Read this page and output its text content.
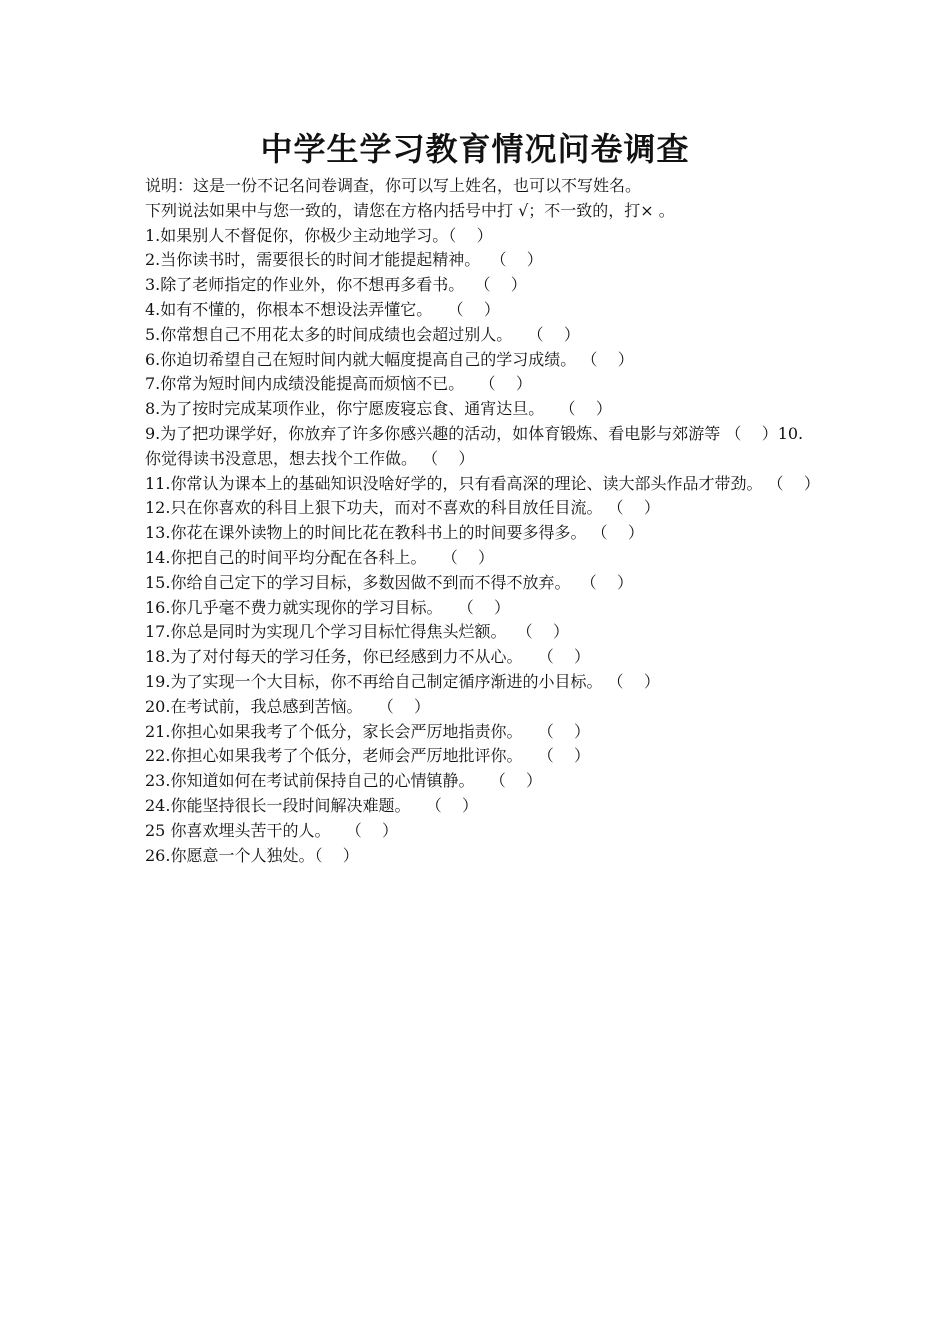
中学生学习教育情况问卷调查

说明：这是一份不记名问卷调查，你可以写上姓名，也可以不写姓名。

下列说法如果中与您一致的，请您在方格内括号中打 √；不一致的，打× 。

1.如果别人不督促你，你极少主动地学习。（    ）

2.当你读书时，需要很长的时间才能提起精神。  （    ）

3.除了老师指定的作业外，你不想再多看书。  （    ）

4.如有不懂的，你根本不想设法弄懂它。   （    ）

5.你常想自己不用花太多的时间成绩也会超过别人。   （    ）

6.你迫切希望自己在短时间内就大幅度提高自己的学习成绩。 （    ）

7.你常为短时间内成绩没能提高而烦恼不已。   （    ）

8.为了按时完成某项作业，你宁愿废寝忘食、通宵达旦。   （    ）

9.为了把功课学好，你放弃了许多你感兴趣的活动，如体育锻炼、看电影与郊游等 （    ）10.你觉得读书没意思，想去找个工作做。 （    ）

11.你常认为课本上的基础知识没啥好学的，只有看高深的理论、读大部头作品才带劲。 （    ）

12.只在你喜欢的科目上狠下功夫，而对不喜欢的科目放任目流。 （    ）

13.你花在课外读物上的时间比花在教科书上的时间要多得多。 （    ）

14.你把自己的时间平均分配在各科上。   （    ）

15.你给自己定下的学习目标，多数因做不到而不得不放弃。  （    ）

16.你几乎毫不费力就实现你的学习目标。   （    ）

17.你总是同时为实现几个学习目标忙得焦头烂额。  （    ）

18.为了对付每天的学习任务，你已经感到力不从心。   （    ）

19.为了实现一个大目标，你不再给自己制定循序渐进的小目标。 （    ）

20.在考试前，我总感到苦恼。   （    ）

21.你担心如果我考了个低分，家长会严厉地指责你。   （    ）

22.你担心如果我考了个低分，老师会严厉地批评你。   （    ）

23.你知道如何在考试前保持自己的心情镇静。   （    ）

24.你能坚持很长一段时间解决难题。   （    ）

25 你喜欢埋头苦干的人。   （    ）

26.你愿意一个人独处。（    ）
